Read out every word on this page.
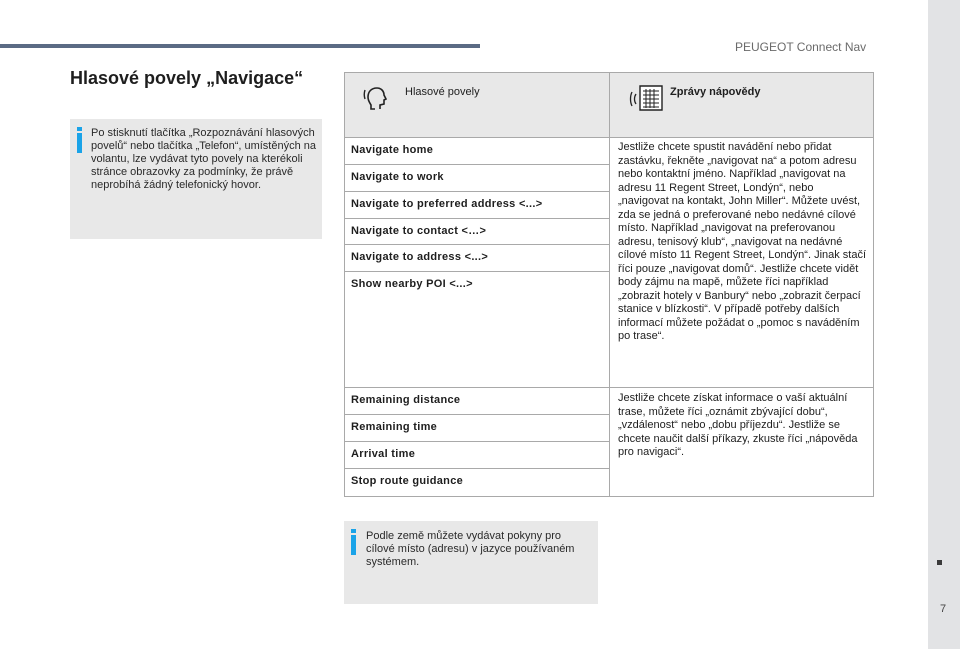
PEUGEOT Connect Nav
7
Hlasové povely „Navigace“
Po stisknutí tlačítka „Rozpoznávání hlasových povelů“ nebo tlačítka „Telefon“, umístěných na volantu, lze vydávat tyto povely na kterékoli stránce obrazovky za podmínky, že právě neprobíhá žádný telefonický hovor.
Podle země můžete vydávat pokyny pro cílové místo (adresu) v jazyce používaném systémem.
Hlasové povely	Zprávy nápovědy
Navigate home
Navigate to work
Navigate to preferred address <...>
Navigate to contact <…>
Navigate to address <...>
Show nearby POI <...>
Jestliže chcete spustit navádění nebo přidat zastávku, řekněte „navigovat na“ a potom adresu nebo kontaktní jméno. Například „navigovat na adresu 11 Regent Street, Londýn“, nebo „navigovat na kontakt, John Miller“. Můžete uvést, zda se jedná o preferované nebo nedávné cílové místo. Například „navigovat na preferovanou adresu, tenisový klub“, „navigovat na nedávné cílové místo 11 Regent Street, Londýn“. Jinak stačí říci pouze „navigovat domů“. Jestliže chcete vidět body zájmu na mapě, můžete říci například „zobrazit hotely v Banbury“ nebo „zobrazit čerpací stanice v blízkosti“. V případě potřeby dalších informací můžete požádat o „pomoc s naváděním po trase“.
Remaining distance
Remaining time
Arrival time
Stop route guidance
Jestliže chcete získat informace o vaší aktuální trase, můžete říci „oznámit zbývající dobu“, „vzdálenost“ nebo „dobu příjezdu“. Jestliže se chcete naučit další příkazy, zkuste říci „nápověda pro navigaci“.
